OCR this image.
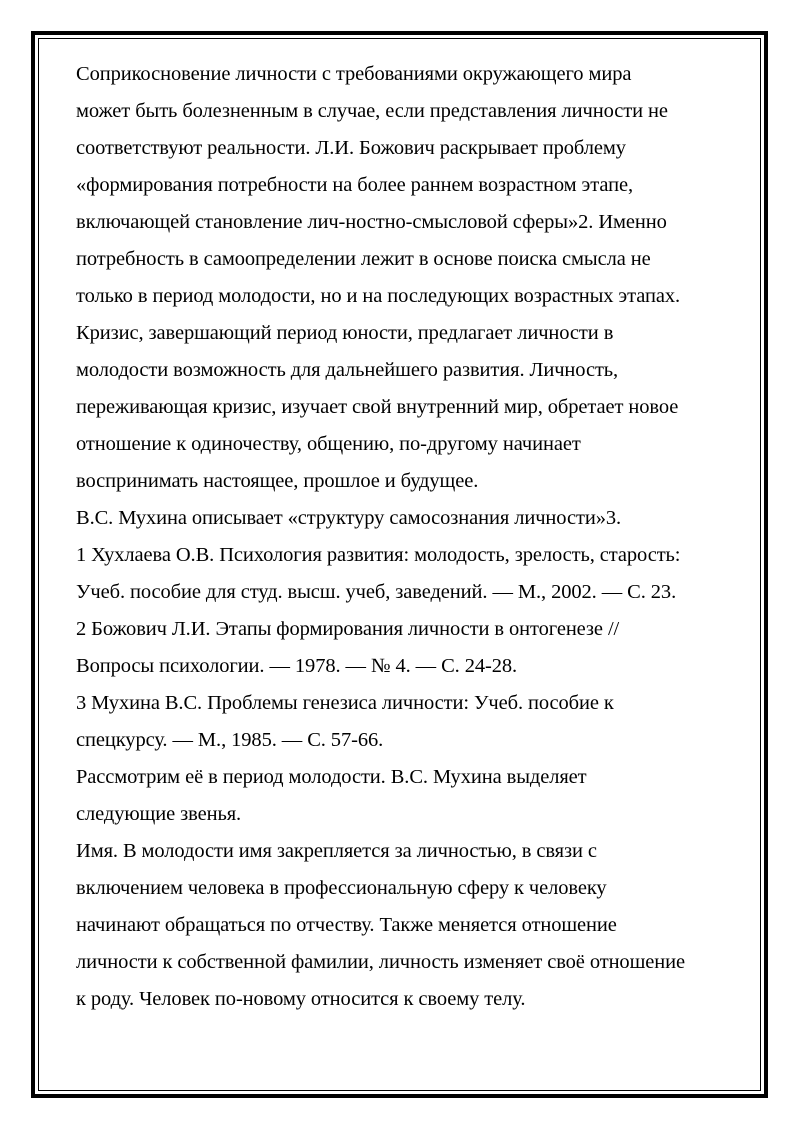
Соприкосновение личности с требованиями окружающего мира
может быть болезненным в случае, если представления личности не
соответствуют реальности. Л.И. Божович раскрывает проблему
«формирования потребности на более раннем возрастном этапе,
включающей становление лич-ностно-смысловой сферы»2. Именно
потребность в самоопределении лежит в основе поиска смысла не
только в период молодости, но и на последующих возрастных этапах.
Кризис, завершающий период юности, предлагает личности в
молодости возможность для дальнейшего развития. Личность,
переживающая кризис, изучает свой внутренний мир, обретает новое
отношение к одиночеству, общению, по-другому начинает
воспринимать настоящее, прошлое и будущее.
В.С. Мухина описывает «структуру самосознания личности»3.
1 Хухлаева О.В. Психология развития: молодость, зрелость, старость:
Учеб. пособие для студ. высш. учеб, заведений. — М., 2002. — С. 23.
2 Божович Л.И. Этапы формирования личности в онтогенезе //
Вопросы психологии. — 1978. — № 4. — С. 24-28.
3 Мухина B.C. Проблемы генезиса личности: Учеб. пособие к
спецкурсу. — М., 1985. — С. 57-66.
Рассмотрим её в период молодости. B.C. Мухина выделяет
следующие звенья.
Имя. В молодости имя закрепляется за личностью, в связи с
включением человека в профессиональную сферу к человеку
начинают обращаться по отчеству. Также меняется отношение
личности к собственной фамилии, личность изменяет своё отношение
к роду. Человек по-новому относится к своему телу.
